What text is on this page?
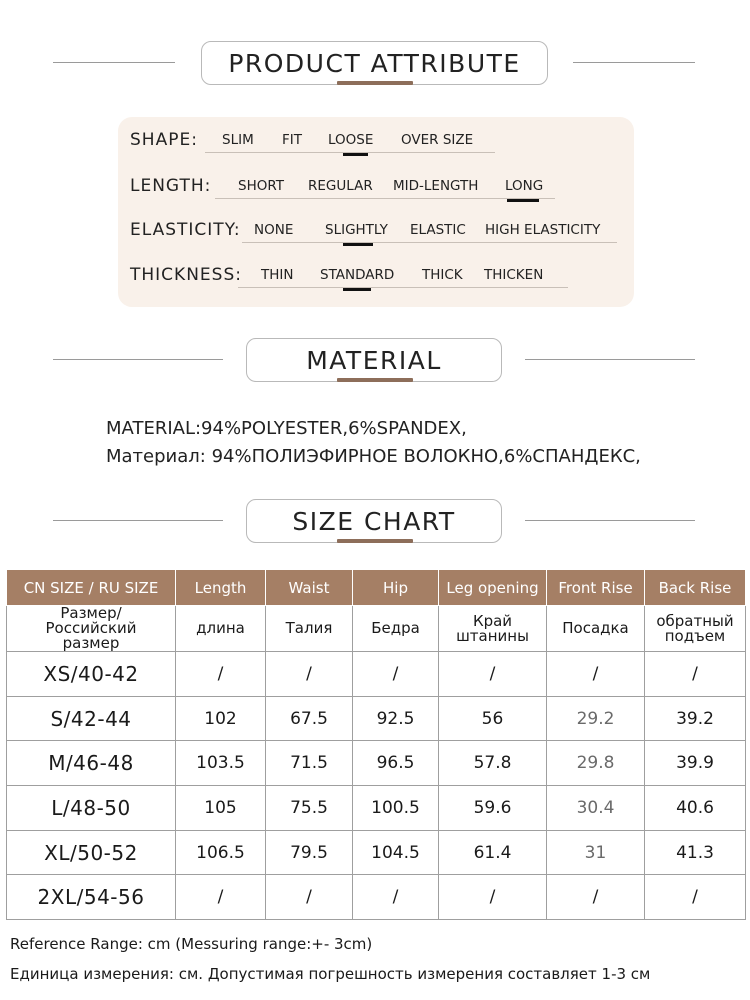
PRODUCT ATTRIBUTE
SHAPE: SLIM FIT LOOSE OVER SIZE
LENGTH: SHORT REGULAR MID-LENGTH LONG
ELASTICITY: NONE SLIGHTLY ELASTIC HIGH ELASTICITY
THICKNESS: THIN STANDARD THICK THICKEN
MATERIAL
MATERIAL:94%POLYESTER,6%SPANDEX,
Материал: 94%ПОЛИЭФИРНОЕ ВОЛОКНО,6%СПАНДЕКС,
SIZE CHART
CN SIZE / RU SIZE	Length	Waist	Hip	Leg opening	Front Rise	Back Rise
Размер/Российский размер	длина	Талия	Бедра	Край штанины	Посадка	обратный подъем
XS/40-42	/	/	/	/	/	/
S/42-44	102	67.5	92.5	56	29.2	39.2
M/46-48	103.5	71.5	96.5	57.8	29.8	39.9
L/48-50	105	75.5	100.5	59.6	30.4	40.6
XL/50-52	106.5	79.5	104.5	61.4	31	41.3
2XL/54-56	/	/	/	/	/	/
Reference Range: cm (Messuring range:+- 3cm)
Единица измерения: см. Допустимая погрешность измерения составляет 1-3 см
